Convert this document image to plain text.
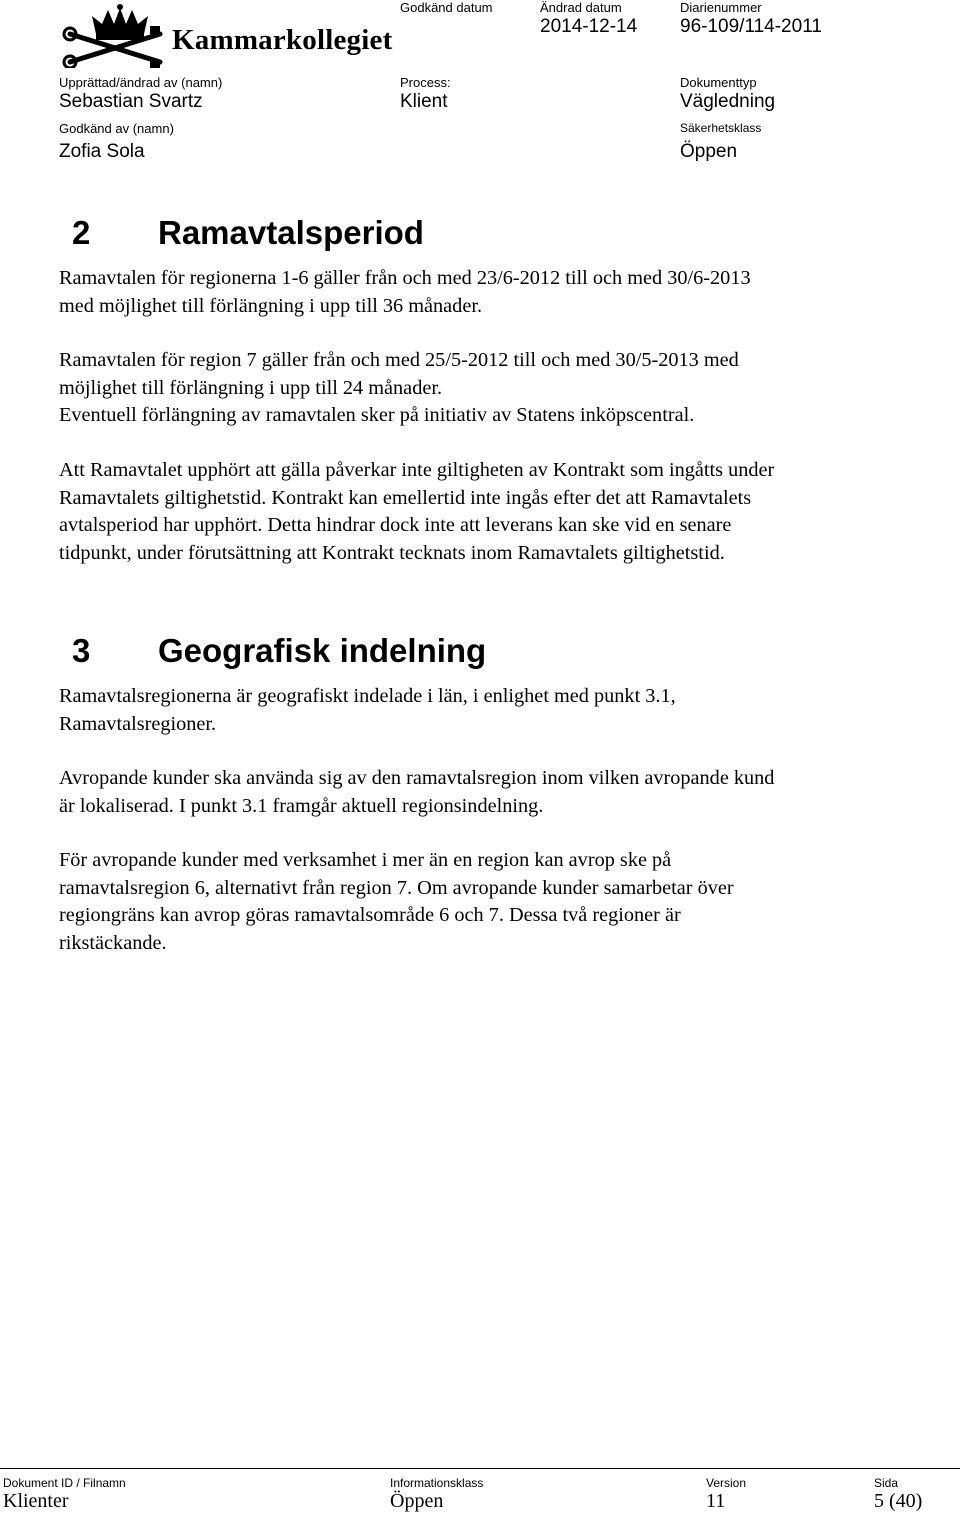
Kammarkollegiet
Upprättad/ändrad av (namn)
Sebastian Svartz
Godkänd av (namn)
Zofia Sola
Godkänd datum
Process:
Klient
Ändrad datum
2014-12-14
Diarienummer
96-109/114-2011
Dokumenttyp
Vägledning
Säkerhetsklass
Öppen
2 Ramavtalsperiod

Ramavtalen för regionerna 1-6 gäller från och med 23/6-2012 till och med 30/6-2013
med möjlighet till förlängning i upp till 36 månader.

Ramavtalen för region 7 gäller från och med 25/5-2012 till och med 30/5-2013 med
möjlighet till förlängning i upp till 24 månader.
Eventuell förlängning av ramavtalen sker på initiativ av Statens inköpscentral.

Att Ramavtalet upphört att gälla påverkar inte giltigheten av Kontrakt som ingåtts under
Ramavtalets giltighetstid. Kontrakt kan emellertid inte ingås efter det att Ramavtalets
avtalsperiod har upphört. Detta hindrar dock inte att leverans kan ske vid en senare
tidpunkt, under förutsättning att Kontrakt tecknats inom Ramavtalets giltighetstid.

3 Geografisk indelning

Ramavtalsregionerna är geografiskt indelade i län, i enlighet med punkt 3.1,
Ramavtalsregioner.

Avropande kunder ska använda sig av den ramavtalsregion inom vilken avropande kund
är lokaliserad. I punkt 3.1 framgår aktuell regionsindelning.

För avropande kunder med verksamhet i mer än en region kan avrop ske på
ramavtalsregion 6, alternativt från region 7. Om avropande kunder samarbetar över
regiongräns kan avrop göras ramavtalsområde 6 och 7. Dessa två regioner är
rikstäckande.

Dokument ID / Filnamn
Klienter
Informationsklass
Öppen
Version
11
Sida
5 (40)
